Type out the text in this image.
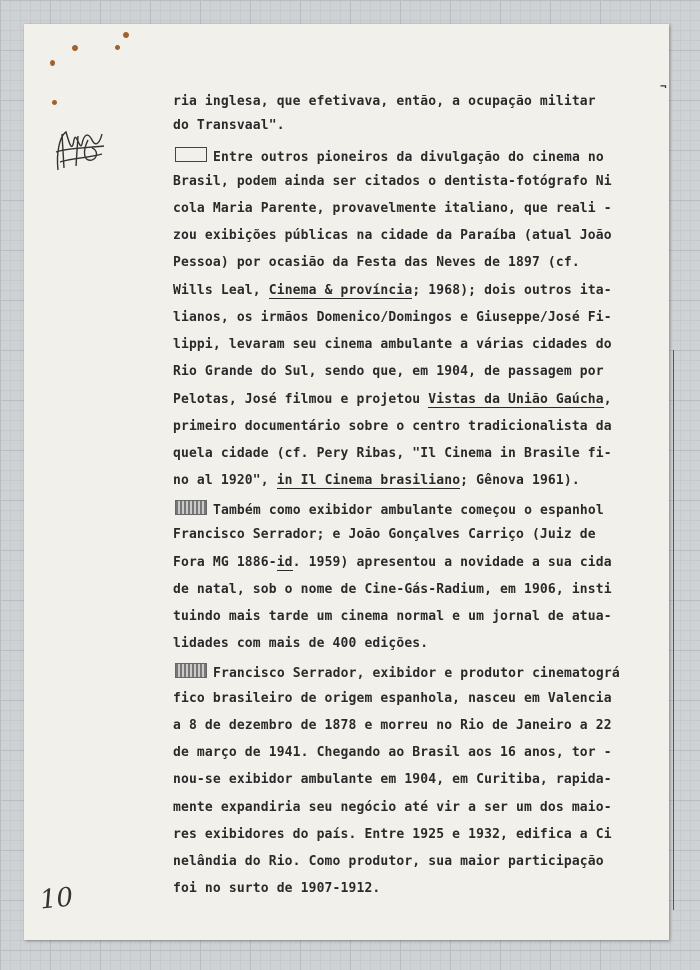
¬
ria inglesa, que efetivava, então, a ocupação militar
do Transvaal".
Entre outros pioneiros da divulgação do cinema no
Brasil, podem ainda ser citados o dentista-fotógrafo Ni
cola Maria Parente, provavelmente italiano, que reali -
zou exibições públicas na cidade da Paraíba (atual João
Pessoa) por ocasião da Festa das Neves de 1897 (cf.
Wills Leal, Cinema & província; 1968); dois outros ita-
lianos, os irmãos Domenico/Domingos e Giuseppe/José Fi-
lippi, levaram seu cinema ambulante a várias cidades do
Rio Grande do Sul, sendo que, em 1904, de passagem por
Pelotas, José filmou e projetou Vistas da União Gaúcha,
primeiro documentário sobre o centro tradicionalista da
quela cidade (cf. Pery Ribas, "Il Cinema in Brasile fi-
no al 1920", in Il Cinema brasiliano; Gênova 1961).
Também como exibidor ambulante começou o espanhol
Francisco Serrador; e João Gonçalves Carriço (Juiz de
Fora MG 1886-id. 1959) apresentou a novidade a sua cida
de natal, sob o nome de Cine-Gás-Radium, em 1906, insti
tuindo mais tarde um cinema normal e um jornal de atua-
lidades com mais de 400 edições.
Francisco Serrador, exibidor e produtor cinematográ
fico brasileiro de origem espanhola, nasceu em Valencia
a 8 de dezembro de 1878 e morreu no Rio de Janeiro a 22
de março de 1941. Chegando ao Brasil aos 16 anos, tor -
nou-se exibidor ambulante em 1904, em Curitiba, rapida-
mente expandiria seu negócio até vir a ser um dos maio-
res exibidores do país. Entre 1925 e 1932, edifica a Ci
nelândia do Rio. Como produtor, sua maior participação
foi no surto de 1907-1912.
10
